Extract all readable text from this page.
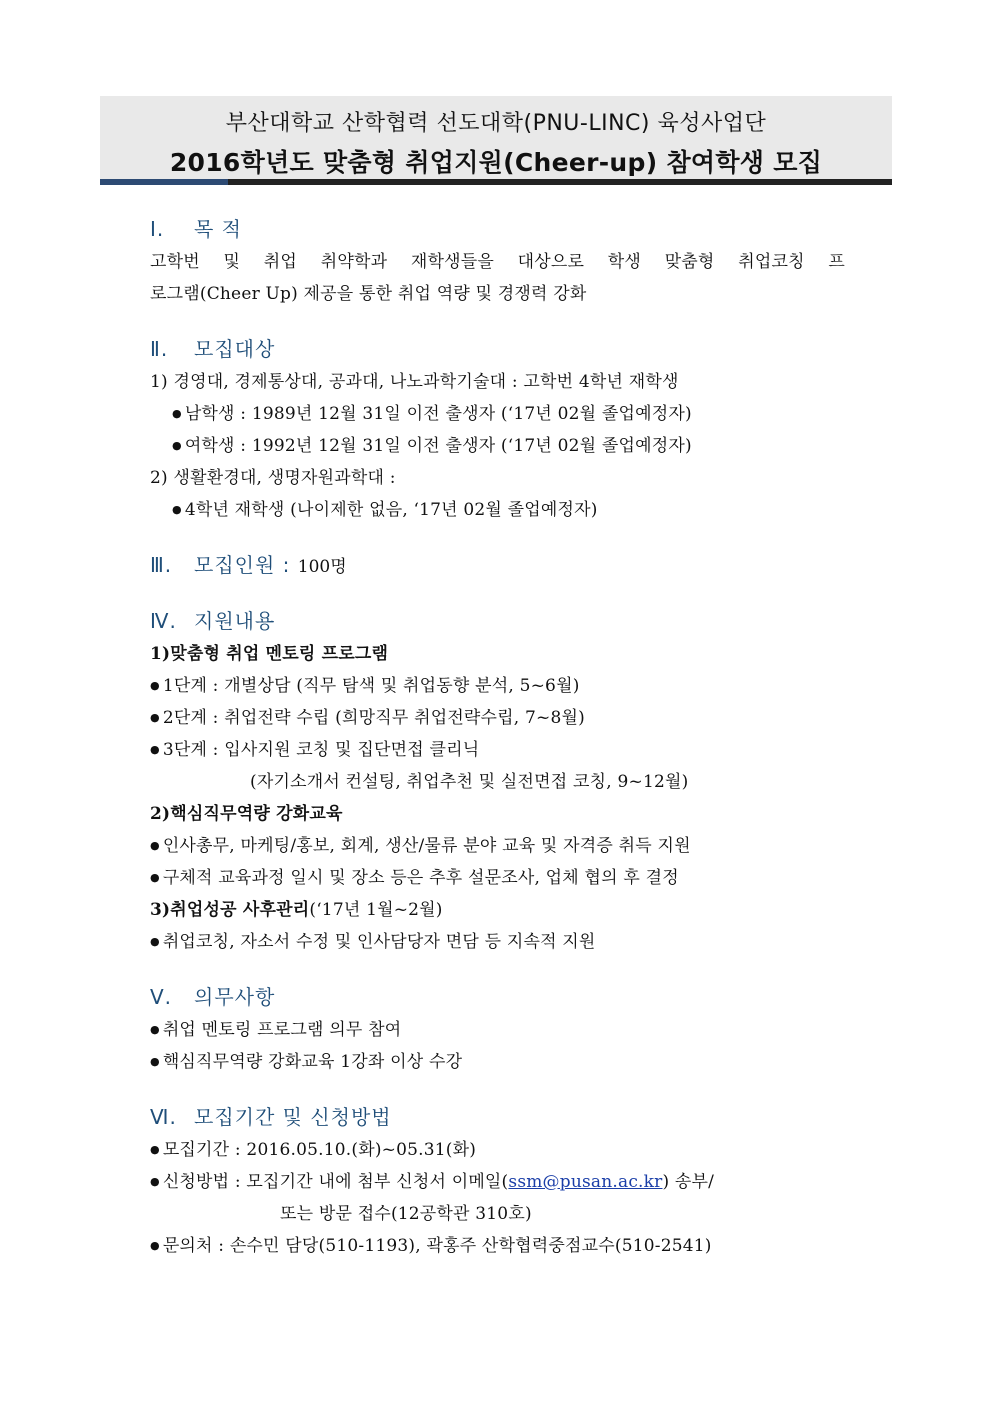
부산대학교 산학협력 선도대학(PNU-LINC) 육성사업단
2016학년도 맞춤형 취업지원(Cheer-up) 참여학생 모집
Ⅰ. 목 적
고학번 및 취업 취약학과 재학생들을 대상으로 학생 맞춤형 취업코칭 프
로그램(Cheer Up) 제공을 통한 취업 역량 및 경쟁력 강화
Ⅱ. 모집대상
1) 경영대, 경제통상대, 공과대, 나노과학기술대 : 고학번 4학년 재학생
● 남학생 : 1989년 12월 31일 이전 출생자 (‘17년 02월 졸업예정자)
● 여학생 : 1992년 12월 31일 이전 출생자 (‘17년 02월 졸업예정자)
2) 생활환경대, 생명자원과학대 :
● 4학년 재학생 (나이제한 없음, ‘17년 02월 졸업예정자)
Ⅲ. 모집인원 : 100명
Ⅳ. 지원내용
1)맞춤형 취업 멘토링 프로그램
● 1단계 : 개별상담 (직무 탐색 및 취업동향 분석, 5~6월)
● 2단계 : 취업전략 수립 (희망직무 취업전략수립, 7~8월)
● 3단계 : 입사지원 코칭 및 집단면접 클리닉
(자기소개서 컨설팅, 취업추천 및 실전면접 코칭, 9~12월)
2)핵심직무역량 강화교육
● 인사총무, 마케팅/홍보, 회계, 생산/물류 분야 교육 및 자격증 취득 지원
● 구체적 교육과정 일시 및 장소 등은 추후 설문조사, 업체 협의 후 결정
3)취업성공 사후관리(‘17년 1월~2월)
● 취업코칭, 자소서 수정 및 인사담당자 면담 등 지속적 지원
Ⅴ. 의무사항
● 취업 멘토링 프로그램 의무 참여
● 핵심직무역량 강화교육 1강좌 이상 수강
Ⅵ. 모집기간 및 신청방법
● 모집기간 : 2016.05.10.(화)~05.31(화)
● 신청방법 : 모집기간 내에 첨부 신청서 이메일(ssm@pusan.ac.kr) 송부/
또는 방문 접수(12공학관 310호)
● 문의처 : 손수민 담당(510-1193), 곽홍주 산학협력중점교수(510-2541)
